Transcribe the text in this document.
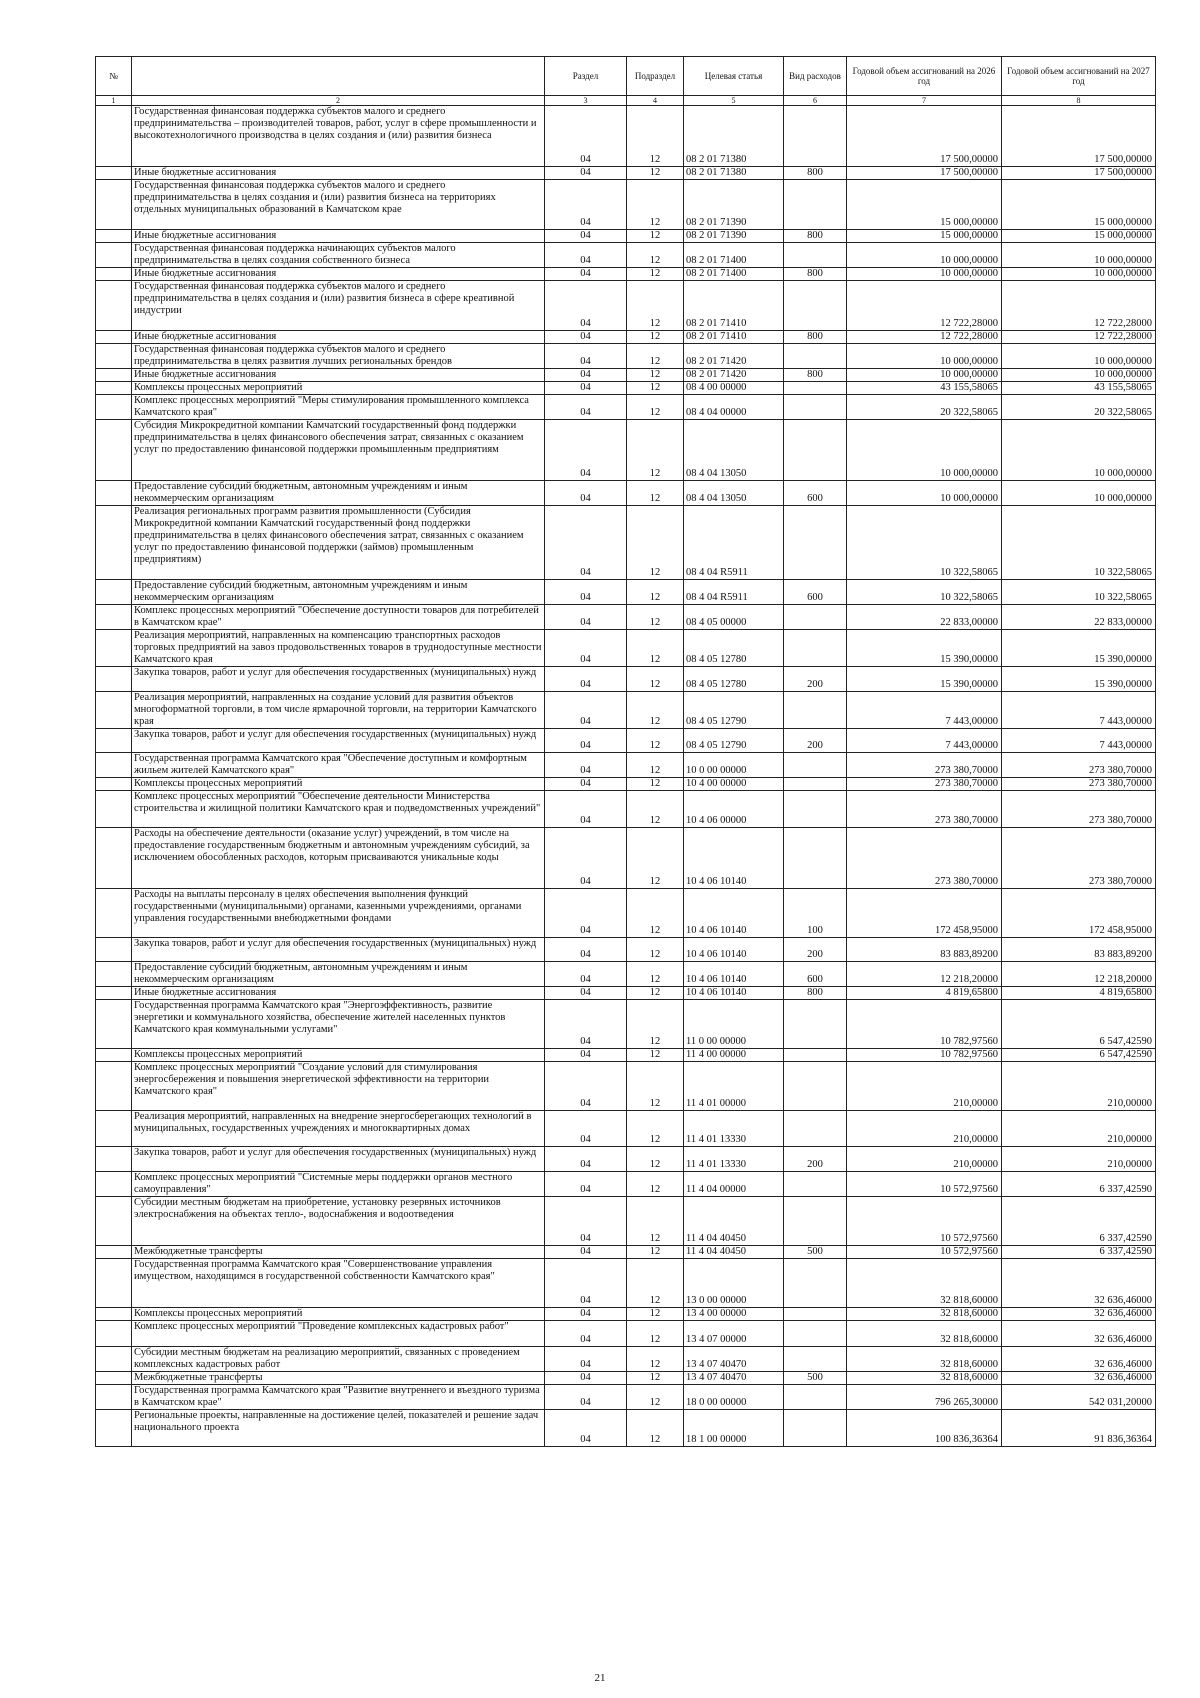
№		Раздел	Подраздел	Целевая статья	Вид расходов	Годовой объем ассигнований на 2026 год	Годовой объем ассигнований на 2027 год
1	2	3	4	5	6	7	8
	Государственная финансовая поддержка субъектов малого и среднего предпринимательства – производителей товаров, работ, услуг в сфере промышленности и высокотехнологичного производства в целях создания и (или) развития бизнеса	04	12	08 2 01 71380		17 500,00000	17 500,00000
	Иные бюджетные ассигнования	04	12	08 2 01 71380	800	17 500,00000	17 500,00000
	Государственная финансовая поддержка субъектов малого и среднего предпринимательства в целях создания и (или) развития бизнеса на территориях отдельных муниципальных образований в Камчатском крае	04	12	08 2 01 71390		15 000,00000	15 000,00000
	Иные бюджетные ассигнования	04	12	08 2 01 71390	800	15 000,00000	15 000,00000
	Государственная финансовая поддержка начинающих субъектов малого предпринимательства в целях создания собственного бизнеса	04	12	08 2 01 71400		10 000,00000	10 000,00000
	Иные бюджетные ассигнования	04	12	08 2 01 71400	800	10 000,00000	10 000,00000
	Государственная финансовая поддержка субъектов малого и среднего предпринимательства в целях создания и (или) развития бизнеса в сфере креативной индустрии	04	12	08 2 01 71410		12 722,28000	12 722,28000
	Иные бюджетные ассигнования	04	12	08 2 01 71410	800	12 722,28000	12 722,28000
	Государственная финансовая поддержка субъектов малого и среднего предпринимательства в целях развития лучших региональных брендов	04	12	08 2 01 71420		10 000,00000	10 000,00000
	Иные бюджетные ассигнования	04	12	08 2 01 71420	800	10 000,00000	10 000,00000
	Комплексы процессных мероприятий	04	12	08 4 00 00000		43 155,58065	43 155,58065
	Комплекс процессных мероприятий "Меры стимулирования промышленного комплекса Камчатского края"	04	12	08 4 04 00000		20 322,58065	20 322,58065
	Субсидия Микрокредитной компании Камчатский государственный фонд поддержки предпринимательства в целях финансового обеспечения затрат, связанных с оказанием услуг по предоставлению финансовой поддержки промышленным предприятиям	04	12	08 4 04 13050		10 000,00000	10 000,00000
	Предоставление субсидий бюджетным, автономным учреждениям и иным некоммерческим организациям	04	12	08 4 04 13050	600	10 000,00000	10 000,00000
	Реализация региональных программ развития промышленности (Субсидия Микрокредитной компании Камчатский государственный фонд поддержки предпринимательства в целях финансового обеспечения затрат, связанных с оказанием услуг по предоставлению финансовой поддержки (займов) промышленным предприятиям)	04	12	08 4 04 R5911		10 322,58065	10 322,58065
	Предоставление субсидий бюджетным, автономным учреждениям и иным некоммерческим организациям	04	12	08 4 04 R5911	600	10 322,58065	10 322,58065
	Комплекс процессных мероприятий "Обеспечение доступности товаров для потребителей в Камчатском крае"	04	12	08 4 05 00000		22 833,00000	22 833,00000
	Реализация мероприятий, направленных на компенсацию транспортных расходов торговых предприятий на завоз продовольственных товаров в труднодоступные местности Камчатского края	04	12	08 4 05 12780		15 390,00000	15 390,00000
	Закупка товаров, работ и услуг для обеспечения государственных (муниципальных) нужд	04	12	08 4 05 12780	200	15 390,00000	15 390,00000
	Реализация мероприятий, направленных на создание условий для развития объектов многоформатной торговли, в том числе ярмарочной торговли, на территории Камчатского края	04	12	08 4 05 12790		7 443,00000	7 443,00000
	Закупка товаров, работ и услуг для обеспечения государственных (муниципальных) нужд	04	12	08 4 05 12790	200	7 443,00000	7 443,00000
	Государственная программа Камчатского края "Обеспечение доступным и комфортным жильем жителей Камчатского края"	04	12	10 0 00 00000		273 380,70000	273 380,70000
	Комплексы процессных мероприятий	04	12	10 4 00 00000		273 380,70000	273 380,70000
	Комплекс процессных мероприятий "Обеспечение деятельности Министерства строительства и жилищной политики Камчатского края и подведомственных учреждений"	04	12	10 4 06 00000		273 380,70000	273 380,70000
	Расходы на обеспечение деятельности (оказание услуг) учреждений, в том числе на предоставление государственным бюджетным и автономным учреждениям субсидий, за исключением обособленных расходов, которым присваиваются уникальные коды	04	12	10 4 06 10140		273 380,70000	273 380,70000
	Расходы на выплаты персоналу в целях обеспечения выполнения функций государственными (муниципальными) органами, казенными учреждениями, органами управления государственными внебюджетными фондами	04	12	10 4 06 10140	100	172 458,95000	172 458,95000
	Закупка товаров, работ и услуг для обеспечения государственных (муниципальных) нужд	04	12	10 4 06 10140	200	83 883,89200	83 883,89200
	Предоставление субсидий бюджетным, автономным учреждениям и иным некоммерческим организациям	04	12	10 4 06 10140	600	12 218,20000	12 218,20000
	Иные бюджетные ассигнования	04	12	10 4 06 10140	800	4 819,65800	4 819,65800
	Государственная программа Камчатского края "Энергоэффективность, развитие энергетики и коммунального хозяйства, обеспечение жителей населенных пунктов Камчатского края коммунальными услугами"	04	12	11 0 00 00000		10 782,97560	6 547,42590
	Комплексы процессных мероприятий	04	12	11 4 00 00000		10 782,97560	6 547,42590
	Комплекс процессных мероприятий "Создание условий для стимулирования энергосбережения и повышения энергетической эффективности на территории Камчатского края"	04	12	11 4 01 00000		210,00000	210,00000
	Реализация мероприятий, направленных на внедрение энергосберегающих технологий в муниципальных, государственных учреждениях и многоквартирных домах	04	12	11 4 01 13330		210,00000	210,00000
	Закупка товаров, работ и услуг для обеспечения государственных (муниципальных) нужд	04	12	11 4 01 13330	200	210,00000	210,00000
	Комплекс процессных мероприятий "Системные меры поддержки органов местного самоуправления"	04	12	11 4 04 00000		10 572,97560	6 337,42590
	Субсидии местным бюджетам на приобретение, установку резервных источников электроснабжения на объектах тепло-, водоснабжения и водоотведения	04	12	11 4 04 40450		10 572,97560	6 337,42590
	Межбюджетные трансферты	04	12	11 4 04 40450	500	10 572,97560	6 337,42590
	Государственная программа Камчатского края "Совершенствование управления имуществом, находящимся в государственной собственности Камчатского края"	04	12	13 0 00 00000		32 818,60000	32 636,46000
	Комплексы процессных мероприятий	04	12	13 4 00 00000		32 818,60000	32 636,46000
	Комплекс процессных мероприятий "Проведение комплексных кадастровых работ"	04	12	13 4 07 00000		32 818,60000	32 636,46000
	Субсидии местным бюджетам на реализацию мероприятий, связанных с проведением комплексных кадастровых работ	04	12	13 4 07 40470		32 818,60000	32 636,46000
	Межбюджетные трансферты	04	12	13 4 07 40470	500	32 818,60000	32 636,46000
	Государственная программа Камчатского края "Развитие внутреннего и въездного туризма в Камчатском крае"	04	12	18 0 00 00000		796 265,30000	542 031,20000
	Региональные проекты, направленные на достижение целей, показателей и решение задач национального проекта	04	12	18 1 00 00000		100 836,36364	91 836,36364
21
